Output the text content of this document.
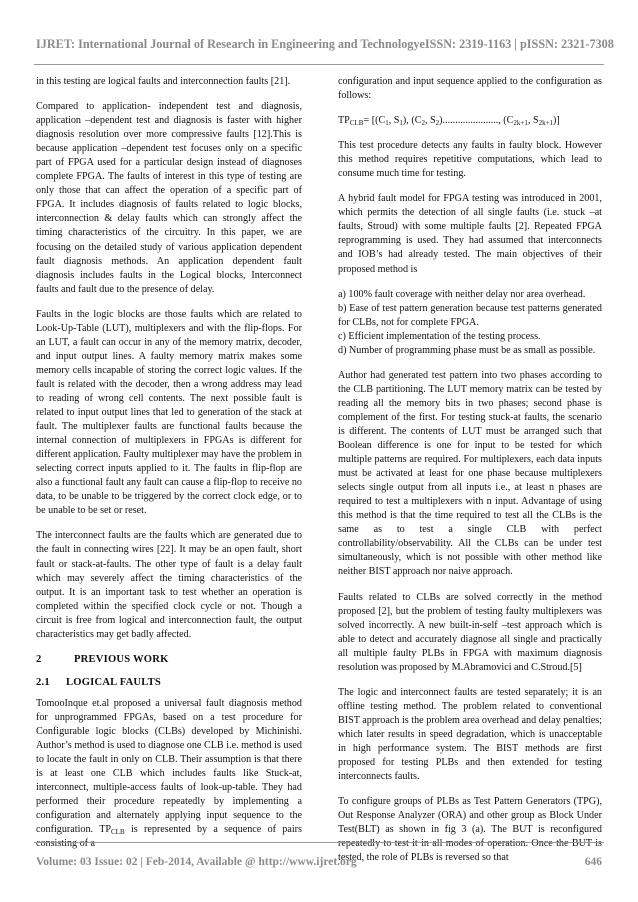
IJRET: International Journal of Research in Engineering and Technology eISSN: 2319-1163 | pISSN: 2321-7308

in this testing are logical faults and interconnection faults [21].

Compared to application- independent test and diagnosis, application –dependent test and diagnosis is faster with higher diagnosis resolution over more compressive faults [12].This is because application –dependent test focuses only on a specific part of FPGA used for a particular design instead of diagnoses complete FPGA. The faults of interest in this type of testing are only those that can affect the operation of a specific part of FPGA. It includes diagnosis of faults related to logic blocks, interconnection & delay faults which can strongly affect the timing characteristics of the circuitry. In this paper, we are focusing on the detailed study of various application dependent fault diagnosis methods. An application dependent fault diagnosis includes faults in the Logical blocks, Interconnect faults and fault due to the presence of delay.

Faults in the logic blocks are those faults which are related to Look-Up-Table (LUT), multiplexers and with the flip-flops. For an LUT, a fault can occur in any of the memory matrix, decoder, and input output lines. A faulty memory matrix makes some memory cells incapable of storing the correct logic values. If the fault is related with the decoder, then a wrong address may lead to reading of wrong cell contents. The next possible fault is related to input output lines that led to generation of the stack at fault. The multiplexer faults are functional faults because the internal connection of multiplexers in FPGAs is different for different application. Faulty multiplexer may have the problem in selecting correct inputs applied to it. The faults in flip-flop are also a functional fault any fault can cause a flip-flop to receive no data, to be unable to be triggered by the correct clock edge, or to be unable to be set or reset.

The interconnect faults are the faults which are generated due to the fault in connecting wires [22]. It may be an open fault, short fault or stack-at-faults. The other type of fault is a delay fault which may severely affect the timing characteristics of the output. It is an important task to test whether an operation is completed within the specified clock cycle or not. Though a circuit is free from logical and interconnection fault, the output characteristics may get badly affected.

2	PREVIOUS WORK
2.1 LOGICAL FAULTS

TomooInque et.al proposed a universal fault diagnosis method for unprogrammed FPGAs, based on a test procedure for Configurable logic blocks (CLBs) developed by Michinishi. Author’s method is used to diagnose one CLB i.e. method is used to locate the fault in only on CLB. Their assumption is that there is at least one CLB which includes faults like Stuck-at, interconnect, multiple-access faults of look-up-table. They had performed their procedure repeatedly by implementing a configuration and alternately applying input sequence to the configuration. $TP_{CLB}$ is represented by a sequence of pairs consisting of a

configuration and input sequence applied to the configuration as follows:

$TP_{CLB}= [(C_1$, $S_1$), ($C_2$, $S_2$)......................, ($C_{2k+1}$, $S_{2k+1}$)]

This test procedure detects any faults in faulty block. However this method requires repetitive computations, which lead to consume much time for testing.

A hybrid fault model for FPGA testing was introduced in 2001, which permits the detection of all single faults (i.e. stuck –at faults, Stroud) with some multiple faults [2]. Repeated FPGA reprogramming is used. They had assumed that interconnects and IOB’s had already tested. The main objectives of their proposed method is

a) 100% fault coverage with neither delay nor area overhead.

b) Ease of test pattern generation because test patterns generated for CLBs, not for complete FPGA.

c) Efficient implementation of the testing process.

d) Number of programming phase must be as small as possible.

Author had generated test pattern into two phases according to the CLB partitioning. The LUT memory matrix can be tested by reading all the memory bits in two phases; second phase is complement of the first. For testing stuck-at faults, the scenario is different. The contents of LUT must be arranged such that Boolean difference is one for input to be tested for which multiple patterns are required. For multiplexers, each data inputs must be activated at least for one phase because multiplexers selects single output from all inputs i.e., at least n phases are required to test a multiplexers with n input. Advantage of using this method is that the time required to test all the CLBs is the same as to test a single CLB with perfect controllability/observability. All the CLBs can be under test simultaneously, which is not possible with other method like neither BIST approach nor naive approach.

Faults related to CLBs are solved correctly in the method proposed [2], but the problem of testing faulty multiplexers was solved incorrectly. A new built-in-self –test approach which is able to detect and accurately diagnose all single and practically all multiple faulty PLBs in FPGA with maximum diagnosis resolution was proposed by M.Abramovici and C.Stroud.[5]

The logic and interconnect faults are tested separately; it is an offline testing method. The problem related to conventional BIST approach is the problem area overhead and delay penalties; which later results in speed degradation, which is unacceptable in high performance system. The BIST methods are first proposed for testing PLBs and then extended for testing interconnects faults.

To configure groups of PLBs as Test Pattern Generators (TPG), Out Response Analyzer (ORA) and other group as Block Under Test(BLT) as shown in fig 3 (a). The BUT is reconfigured repeatedly to test it in all modes of operation. Once the BUT is tested, the role of PLBs is reversed so that

Volume: 03 Issue: 02 | Feb-2014, Available @ http://www.ijret.org	646
